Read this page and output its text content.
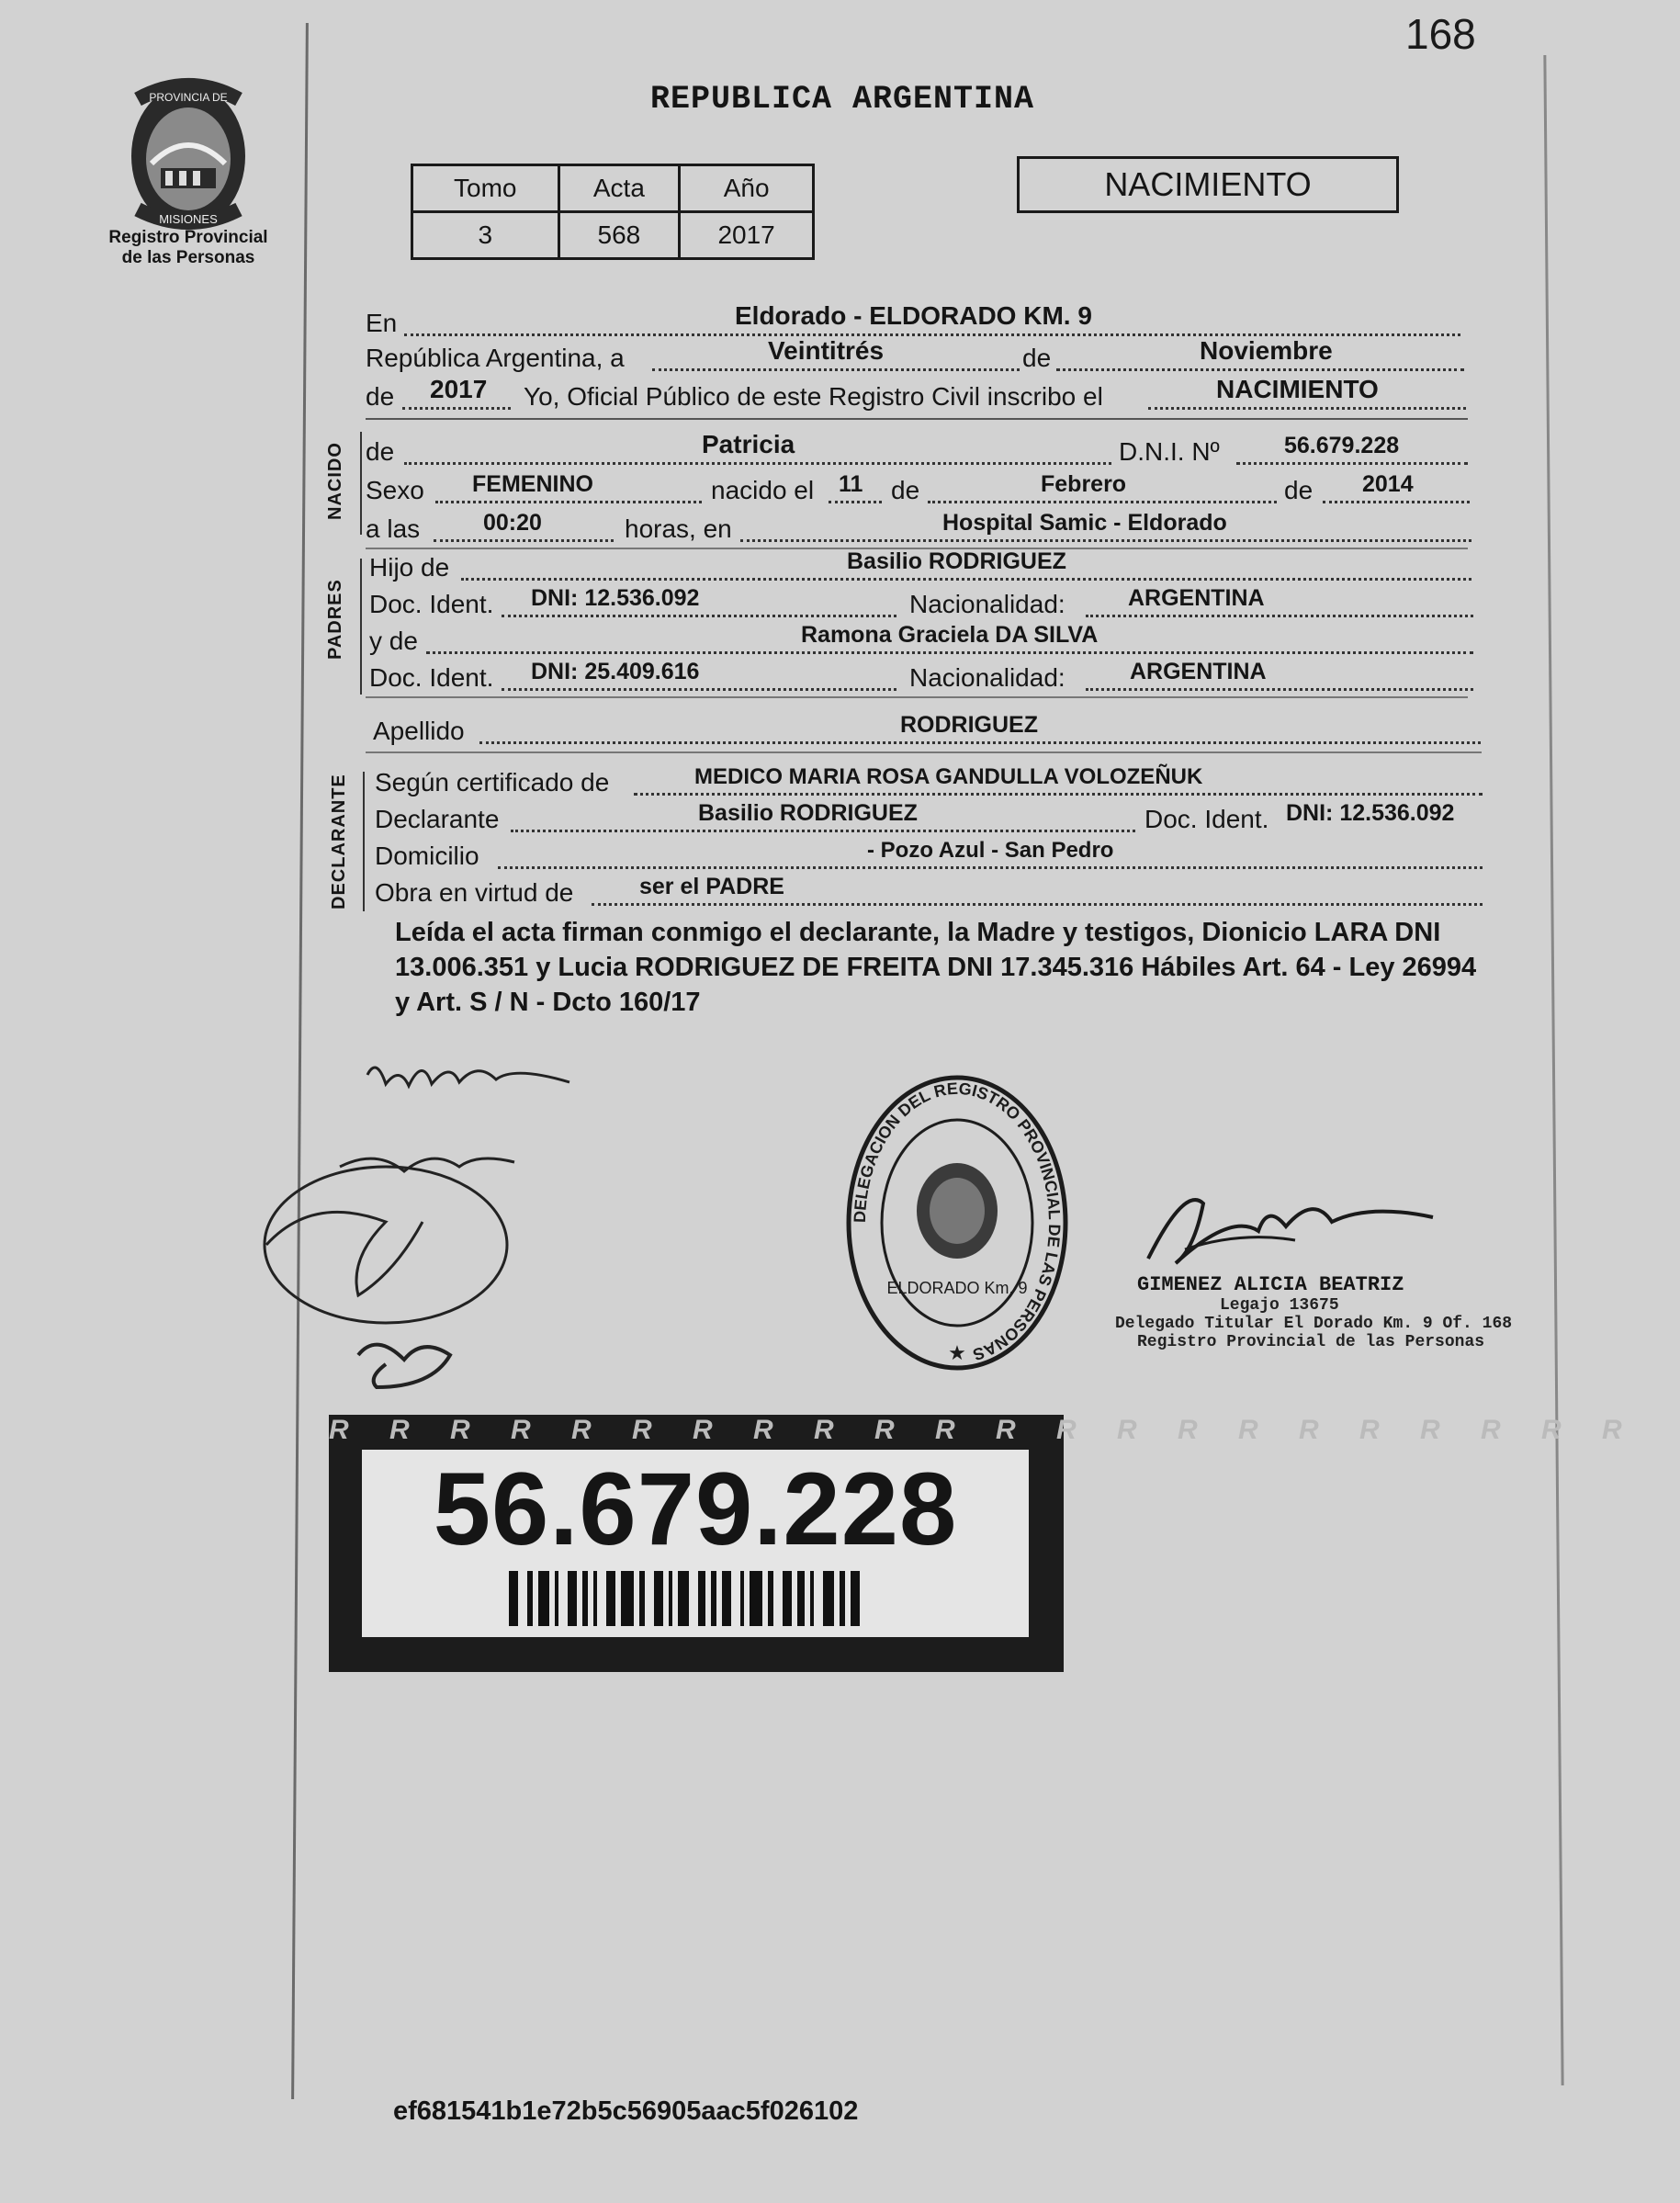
168
PROVINCIA DE
MISIONES
Registro Provincial
de las Personas
REPUBLICA ARGENTINA
Tomo	Acta	Año
3	568	2017
NACIMIENTO
En	Eldorado - ELDORADO KM. 9
República Argentina, a	Veintitrés	de	Noviembre
de 2017 Yo, Oficial Público de este Registro Civil inscribo el	NACIMIENTO
NACIDO de	Patricia	D.N.I. Nº	56.679.228
Sexo FEMENINO	nacido el 11 de	Febrero	de 2014
a las	00:20	horas, en	Hospital Samic - Eldorado
PADRES
Hijo de	Basilio RODRIGUEZ
Doc. Ident. DNI: 12.536.092	Nacionalidad:	ARGENTINA
y de	Ramona Graciela DA SILVA
Doc. Ident. DNI: 25.409.616	Nacionalidad:	ARGENTINA
Apellido	RODRIGUEZ
DECLARANTE Según certificado de	MEDICO MARIA ROSA GANDULLA VOLOZEÑUK
Declarante	Basilio RODRIGUEZ	Doc. Ident. DNI: 12.536.092
Domicilio	- Pozo Azul - San Pedro
Obra en virtud de	ser el PADRE
Leída el acta firman conmigo el declarante, la Madre y testigos, Dionicio LARA DNI 13.006.351 y Lucia RODRIGUEZ DE FREITA DNI 17.345.316 Hábiles Art. 64 - Ley 26994 y Art. S / N - Dcto 160/17
DELEGACION DEL REGISTRO PROVINCIAL DE LAS PERSONAS
ELDORADO Km. 9
★
GIMENEZ ALICIA BEATRIZ
Legajo 13675
Delegado Titular El Dorado Km. 9 Of. 168
Registro Provincial de las Personas
R R R R R R R R R R R R R R R R R R R R R R
56.679.228
ef681541b1e72b5c56905aac5f026102
